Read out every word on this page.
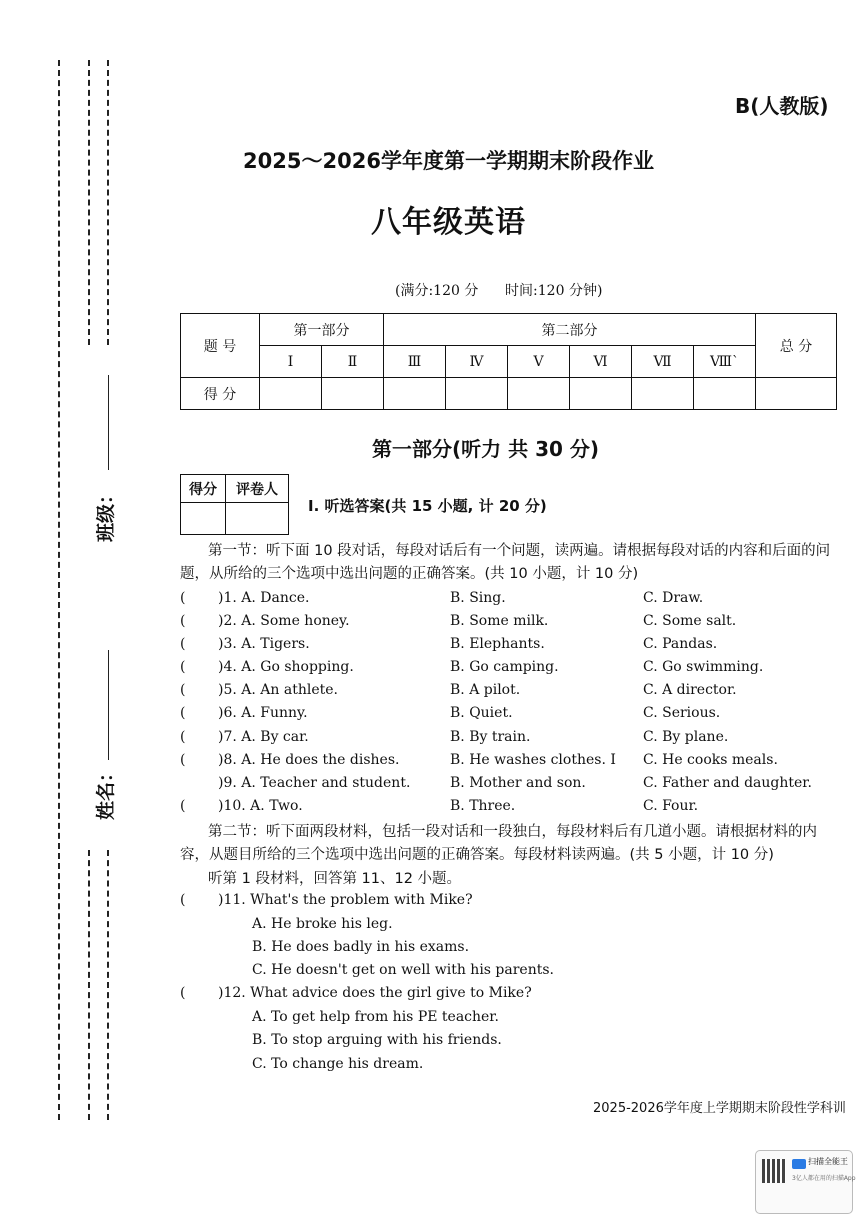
班级：
姓名：
B(人教版)
2025～2026学年度第一学期期末阶段作业
八年级英语
(满分:120 分      时间:120 分钟)
题 号	第一部分		第二部分						总 分
	Ⅰ	Ⅱ	Ⅲ	Ⅳ	Ⅴ	Ⅵ	Ⅶ	Ⅷ`	
得 分									
第一部分(听力 共 30 分)
得分	评卷人

Ⅰ. 听选答案(共 15 小题, 计 20 分)
第一节：听下面 10 段对话，每段对话后有一个问题，读两遍。请根据每段对话的内容和后面的问题，从所给的三个选项中选出问题的正确答案。(共 10 小题，计 10 分)
( )1. A. Dance.	B. Sing.	C. Draw.
( )2. A. Some honey.	B. Some milk.	C. Some salt.
( )3. A. Tigers.	B. Elephants.	C. Pandas.
( )4. A. Go shopping.	B. Go camping.	C. Go swimming.
( )5. A. An athlete.	B. A pilot.	C. A director.
( )6. A. Funny.	B. Quiet.	C. Serious.
( )7. A. By car.	B. By train.	C. By plane.
( )8. A. He does the dishes.	B. He washes clothes. I C. He cooks meals.
)9. A. Teacher and student.	B. Mother and son.	C. Father and daughter.
( )10. A. Two.	B. Three.	C. Four.
第二节：听下面两段材料，包括一段对话和一段独白，每段材料后有几道小题。请根据材料的内容，从题目所给的三个选项中选出问题的正确答案。每段材料读两遍。(共 5 小题，计 10 分)
听第 1 段材料，回答第 11、12 小题。
( )11. What's the problem with Mike?
A. He broke his leg.
B. He does badly in his exams.
C. He doesn't get on well with his parents.
( )12. What advice does the girl give to Mike?
A. To get help from his PE teacher.
B. To stop arguing with his friends.
C. To change his dream.
2025-2026学年度上学期期末阶段性学科训
扫描全能王
3亿人都在用的扫描App
